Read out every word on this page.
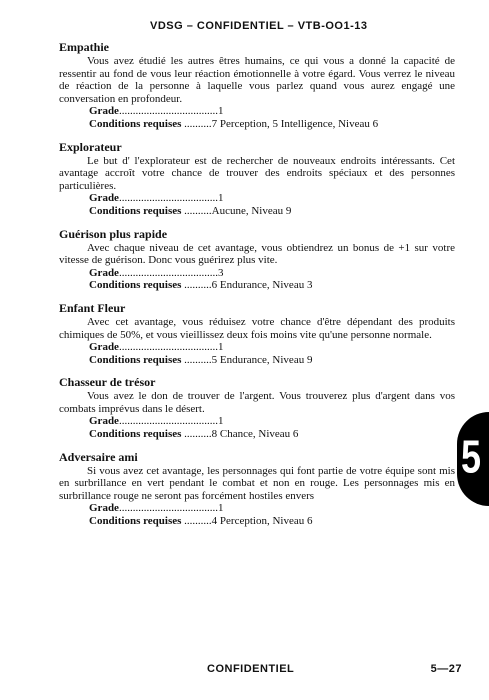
VDSG – CONFIDENTIEL – VTB-OO1-13
Empathie

Vous avez étudié les autres êtres humains, ce qui vous a donné la capacité de ressentir au fond de vous leur réaction émotionnelle à votre égard. Vous verrez le niveau de réaction de la personne à laquelle vous parlez quand vous aurez engagé une conversation en profondeur.

Grade....................................1

Conditions requises ..........7 Perception, 5 Intelligence, Niveau 6

Explorateur

Le but d' l'explorateur est de rechercher de nouveaux endroits intéressants. Cet avantage accroît votre chance de trouver des endroits spéciaux et des personnes particulières.

Grade....................................1

Conditions requises ..........Aucune, Niveau 9

Guérison plus rapide

Avec chaque niveau de cet avantage, vous obtiendrez un bonus de +1 sur votre vitesse de guérison. Donc vous guérirez plus vite.

Grade....................................3

Conditions requises ..........6 Endurance, Niveau 3

Enfant Fleur

Avec cet avantage, vous réduisez votre chance d'être dépendant des produits chimiques de 50%, et vous vieillissez deux fois moins vite qu'une personne normale.

Grade....................................1

Conditions requises ..........5 Endurance, Niveau 9

Chasseur de trésor

Vous avez le don de trouver de l'argent. Vous trouverez plus d'argent dans vos combats imprévus dans le désert.

Grade....................................1

Conditions requises ..........8 Chance, Niveau 6

Adversaire ami

Si vous avez cet avantage, les personnages qui font partie de votre équipe sont mis en surbrillance en vert pendant le combat et non en rouge. Les personnages mis en surbrillance rouge ne seront pas forcément hostiles envers

Grade....................................1

Conditions requises ..........4 Perception, Niveau 6

5
CONFIDENTIEL	5—27
